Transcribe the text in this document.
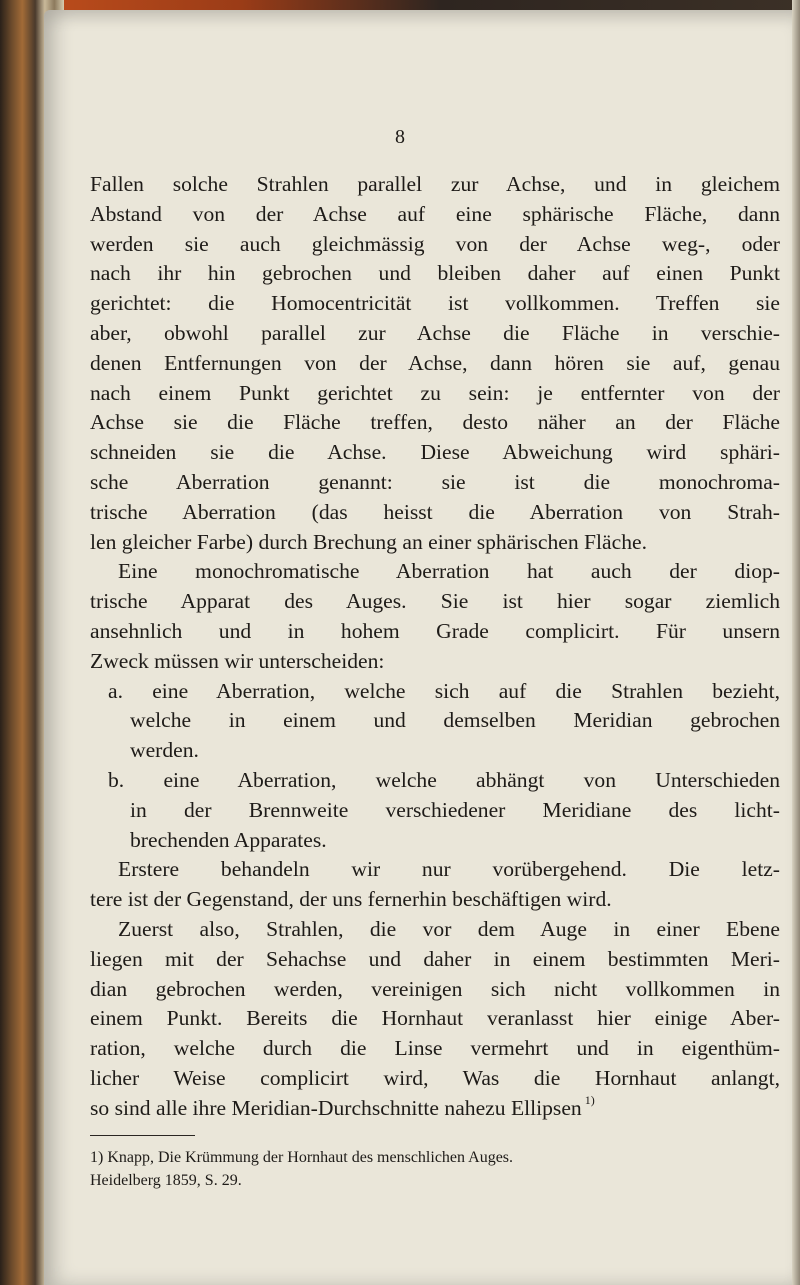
8
Fallen solche Strahlen parallel zur Achse, und in gleichem
Abstand von der Achse auf eine sphärische Fläche, dann
werden sie auch gleichmässig von der Achse weg-, oder
nach ihr hin gebrochen und bleiben daher auf einen Punkt
gerichtet: die Homocentricität ist vollkommen. Treffen sie
aber, obwohl parallel zur Achse die Fläche in verschie-
denen Entfernungen von der Achse, dann hören sie auf, genau
nach einem Punkt gerichtet zu sein: je entfernter von der
Achse sie die Fläche treffen, desto näher an der Fläche
schneiden sie die Achse. Diese Abweichung wird sphäri-
sche Aberration genannt: sie ist die monochroma-
trische Aberration (das heisst die Aberration von Strah-
len gleicher Farbe) durch Brechung an einer sphärischen Fläche.
Eine monochromatische Aberration hat auch der diop-
trische Apparat des Auges. Sie ist hier sogar ziemlich
ansehnlich und in hohem Grade complicirt. Für unsern
Zweck müssen wir unterscheiden:
a. eine Aberration, welche sich auf die Strahlen bezieht,
welche in einem und demselben Meridian gebrochen
werden.
b. eine Aberration, welche abhängt von Unterschieden
in der Brennweite verschiedener Meridiane des licht-
brechenden Apparates.
Erstere behandeln wir nur vorübergehend. Die letz-
tere ist der Gegenstand, der uns fernerhin beschäftigen wird.
Zuerst also, Strahlen, die vor dem Auge in einer Ebene
liegen mit der Sehachse und daher in einem bestimmten Meri-
dian gebrochen werden, vereinigen sich nicht vollkommen in
einem Punkt. Bereits die Hornhaut veranlasst hier einige Aber-
ration, welche durch die Linse vermehrt und in eigenthüm-
licher Weise complicirt wird, Was die Hornhaut anlangt,
so sind alle ihre Meridian-Durchschnitte nahezu Ellipsen $^{1)}$
1) Knapp, Die Krümmung der Hornhaut des menschlichen Auges.
Heidelberg 1859, S. 29.
